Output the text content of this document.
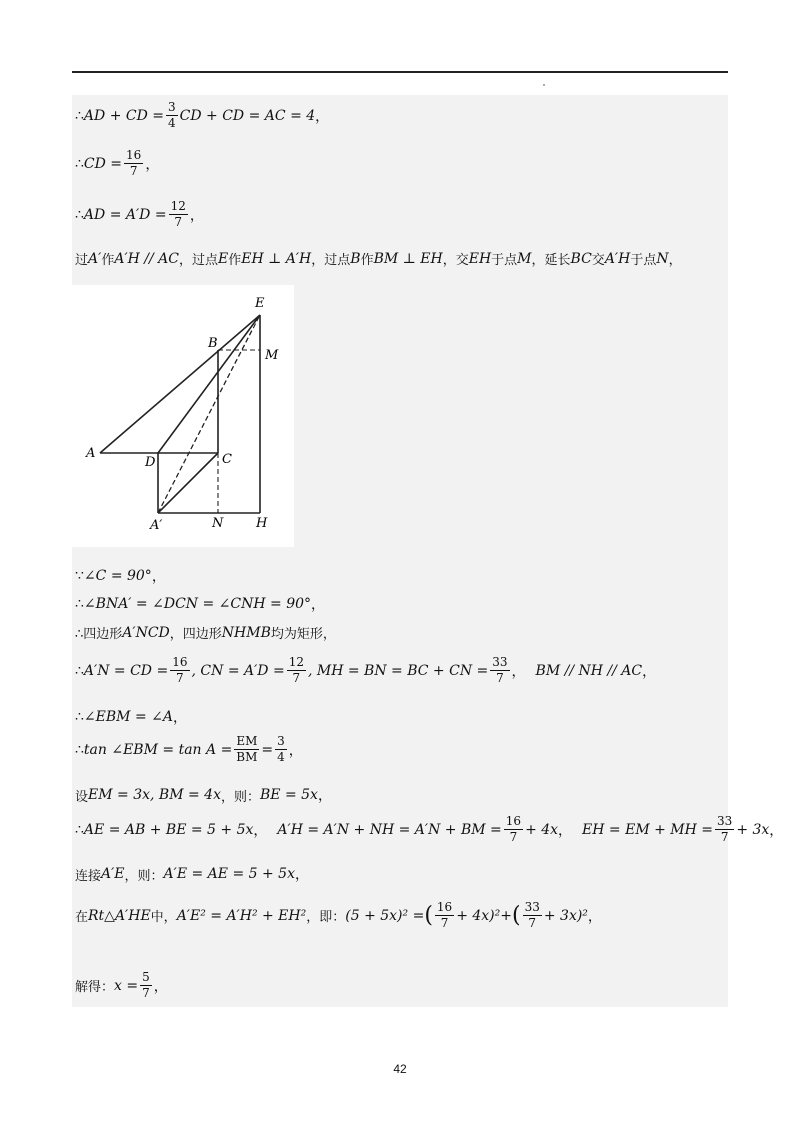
∴ AD + CD = $\frac{3}{4}$ CD + CD = AC = 4 ，
∴ CD = $\frac{16}{7}$ ，
∴ AD = $A'D = \frac{12}{7}$ ，
过 A′ 作 A′H // AC ，过点 E 作 EH ⊥ A′H ，过点 B 作 BM ⊥ EH ，交 EH 于点 M ，延长 BC 交 A′H 于点 N ，
E
B
M
A
D	C
A′	N	H
∵ ∠C = 90° ，
∴ ∠BNA′ = ∠DCN = ∠CNH = 90° ，
∴四边形 A′NCD ，四边形 NHMB 均为矩形，
∴ A′N = CD = $\frac{16}{7}$ , CN = $A'D = \frac{12}{7}$ , MH = BN = BC + CN = $\frac{33}{7}$ ， BM // NH // AC ，
∴ ∠EBM = ∠A ，
∴ tan ∠EBM = $\tan A = \frac{EM}{BM} = \frac{3}{4}$ ，
设 EM = 3x, BM = 4x ，则： BE = 5x ，
∴ AE = AB + BE = 5 + 5x ， A′H = A′N + NH = A′N + BM = $\frac{16}{7} + 4x$ ， EH = EM + MH = $\frac{33}{7} + 3x$ ，
连接 A′E ，则： A′E = AE = 5 + 5x ，
在 Rt△A′HE 中， A′E² = A′H² + EH² ，即： (5 + 5x)² = ( $\frac{16}{7} + 4x)^2$ + ( $\frac{33}{7} + 3x)^2$ ，
解得： $x = \frac{5}{7}$ ，
42
